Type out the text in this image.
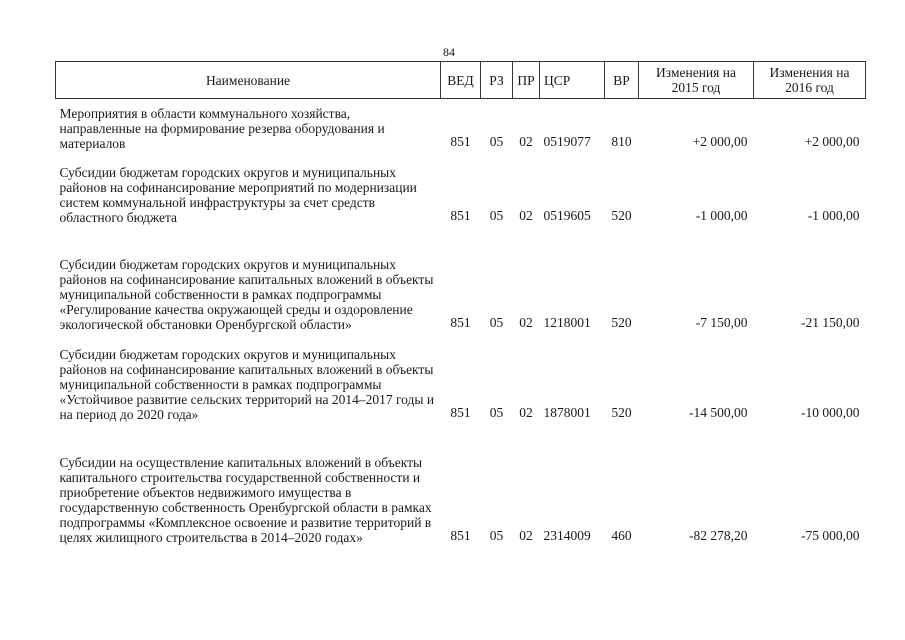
84
Наименование	ВЕД	РЗ	ПР	ЦСР	ВР	Изменения на 2015 год	Изменения на 2016 год
Мероприятия в области коммунального хозяйства, направленные на формирование резерва оборудования и материалов	851	05	02	0519077	810	+2 000,00	+2 000,00
Субсидии бюджетам городских округов и муниципальных районов на софинансирование мероприятий по модернизации систем коммунальной инфраструктуры за счет средств областного бюджета	851	05	02	0519605	520	-1 000,00	-1 000,00
Субсидии бюджетам городских округов и муниципальных районов на софинансирование капитальных вложений в объекты муниципальной собственности в рамках подпрограммы «Регулирование качества окружающей среды и оздоровление экологической обстановки Оренбургской области»	851	05	02	1218001	520	-7 150,00	-21 150,00
Субсидии бюджетам городских округов и муниципальных районов на софинансирование капитальных вложений в объекты муниципальной собственности в рамках подпрограммы «Устойчивое развитие сельских территорий на 2014–2017 годы и на период до 2020 года»	851	05	02	1878001	520	-14 500,00	-10 000,00
Субсидии на осуществление капитальных вложений в объекты капитального строительства государственной собственности и приобретение объектов недвижимого имущества в государственную собственность Оренбургской области в рамках подпрограммы «Комплексное освоение и развитие территорий в целях жилищного строительства в 2014–2020 годах»	851	05	02	2314009	460	-82 278,20	-75 000,00
